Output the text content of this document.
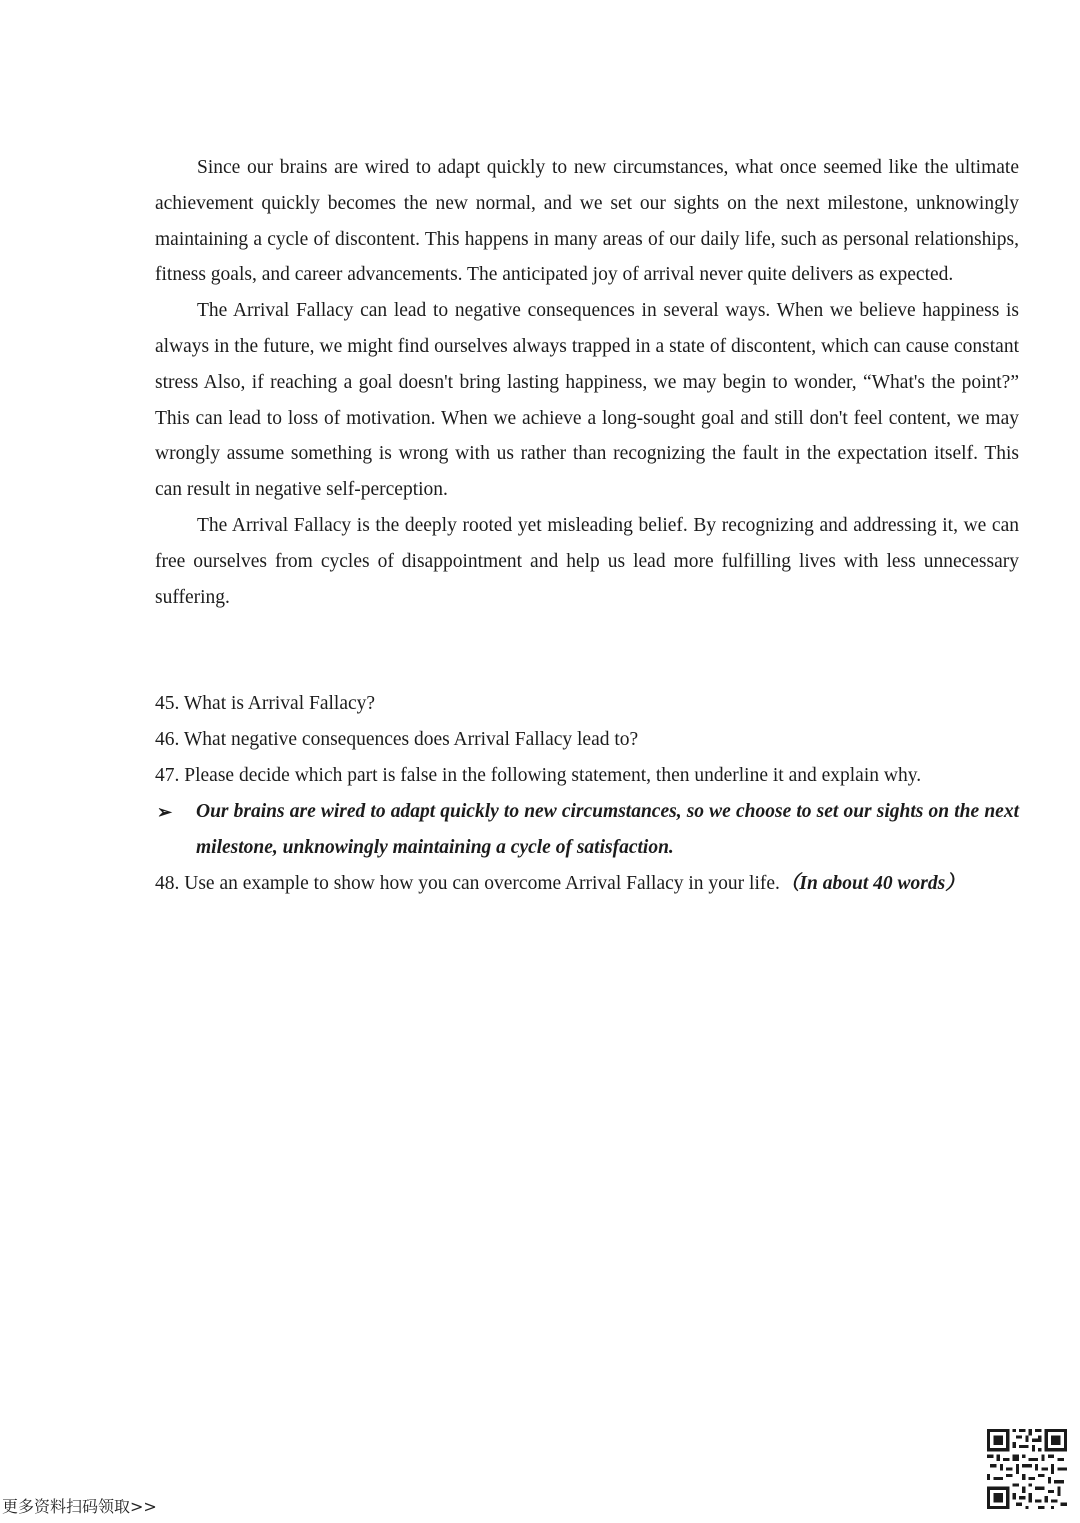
Since our brains are wired to adapt quickly to new circumstances, what once seemed like the ultimate achievement quickly becomes the new normal, and we set our sights on the next milestone, unknowingly maintaining a cycle of discontent. This happens in many areas of our daily life, such as personal relationships, fitness goals, and career advancements. The anticipated joy of arrival never quite delivers as expected.

The Arrival Fallacy can lead to negative consequences in several ways. When we believe happiness is always in the future, we might find ourselves always trapped in a state of discontent, which can cause constant stress Also, if reaching a goal doesn't bring lasting happiness, we may begin to wonder, “What's the point?” This can lead to loss of motivation. When we achieve a long-sought goal and still don't feel content, we may wrongly assume something is wrong with us rather than recognizing the fault in the expectation itself. This can result in negative self-perception.

The Arrival Fallacy is the deeply rooted yet misleading belief. By recognizing and addressing it, we can free ourselves from cycles of disappointment and help us lead more fulfilling lives with less unnecessary suffering.

45. What is Arrival Fallacy?
46. What negative consequences does Arrival Fallacy lead to?
47. Please decide which part is false in the following statement, then underline it and explain why.
➢ Our brains are wired to adapt quickly to new circumstances, so we choose to set our sights on the next milestone, unknowingly maintaining a cycle of satisfaction.
48. Use an example to show how you can overcome Arrival Fallacy in your life.（In about 40 words）
更多资料扫码领取>>
